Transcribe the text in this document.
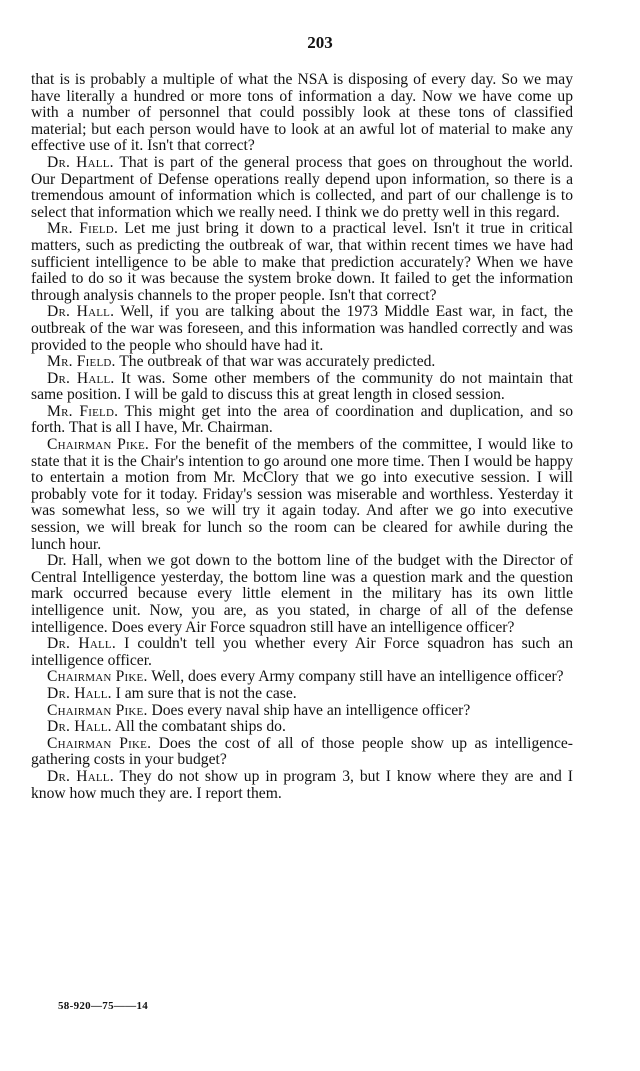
203

that is is probably a multiple of what the NSA is disposing of every day. So we may have literally a hundred or more tons of information a day. Now we have come up with a number of personnel that could possibly look at these tons of classified material; but each person would have to look at an awful lot of material to make any effective use of it. Isn't that correct?

Dr. Hall. That is part of the general process that goes on throughout the world. Our Department of Defense operations really depend upon information, so there is a tremendous amount of information which is collected, and part of our challenge is to select that information which we really need. I think we do pretty well in this regard.

Mr. Field. Let me just bring it down to a practical level. Isn't it true in critical matters, such as predicting the outbreak of war, that within recent times we have had sufficient intelligence to be able to make that prediction accurately? When we have failed to do so it was because the system broke down. It failed to get the information through analysis channels to the proper people. Isn't that correct?

Dr. Hall. Well, if you are talking about the 1973 Middle East war, in fact, the outbreak of the war was foreseen, and this information was handled correctly and was provided to the people who should have had it.

Mr. Field. The outbreak of that war was accurately predicted.

Dr. Hall. It was. Some other members of the community do not maintain that same position. I will be gald to discuss this at great length in closed session.

Mr. Field. This might get into the area of coordination and duplication, and so forth. That is all I have, Mr. Chairman.

Chairman Pike. For the benefit of the members of the committee, I would like to state that it is the Chair's intention to go around one more time. Then I would be happy to entertain a motion from Mr. McClory that we go into executive session. I will probably vote for it today. Friday's session was miserable and worthless. Yesterday it was somewhat less, so we will try it again today. And after we go into executive session, we will break for lunch so the room can be cleared for awhile during the lunch hour.

Dr. Hall, when we got down to the bottom line of the budget with the Director of Central Intelligence yesterday, the bottom line was a question mark and the question mark occurred because every little element in the military has its own little intelligence unit. Now, you are, as you stated, in charge of all of the defense intelligence. Does every Air Force squadron still have an intelligence officer?

Dr. Hall. I couldn't tell you whether every Air Force squadron has such an intelligence officer.

Chairman Pike. Well, does every Army company still have an intelligence officer?

Dr. Hall. I am sure that is not the case.

Chairman Pike. Does every naval ship have an intelligence officer?

Dr. Hall. All the combatant ships do.

Chairman Pike. Does the cost of all of those people show up as intelligence-gathering costs in your budget?

Dr. Hall. They do not show up in program 3, but I know where they are and I know how much they are. I report them.

58-920—75——14
